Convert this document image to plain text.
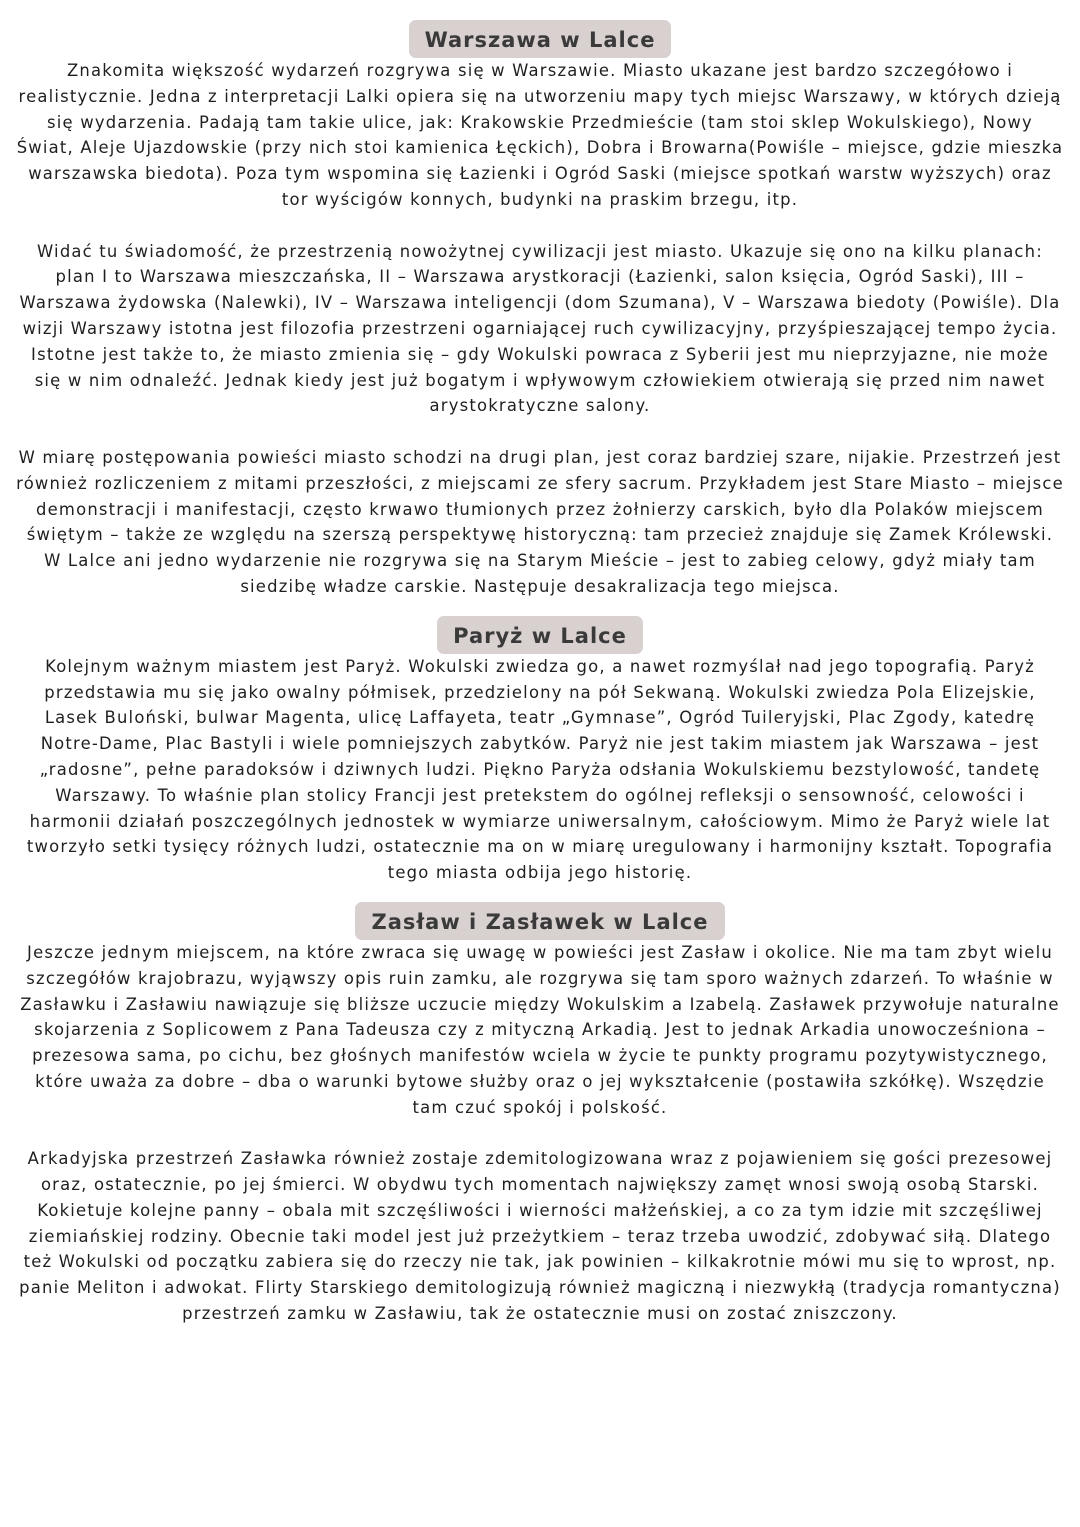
Warszawa w Lalce

Znakomita większość wydarzeń rozgrywa się w Warszawie. Miasto ukazane jest bardzo szczegółowo i realistycznie. Jedna z interpretacji Lalki opiera się na utworzeniu mapy tych miejsc Warszawy, w których dzieją się wydarzenia. Padają tam takie ulice, jak: Krakowskie Przedmieście (tam stoi sklep Wokulskiego), Nowy Świat, Aleje Ujazdowskie (przy nich stoi kamienica Łęckich), Dobra i Browarna(Powiśle – miejsce, gdzie mieszka warszawska biedota). Poza tym wspomina się Łazienki i Ogród Saski (miejsce spotkań warstw wyższych) oraz tor wyścigów konnych, budynki na praskim brzegu, itp.

Widać tu świadomość, że przestrzenią nowożytnej cywilizacji jest miasto. Ukazuje się ono na kilku planach: plan I to Warszawa mieszczańska, II – Warszawa arystkoracji (Łazienki, salon księcia, Ogród Saski), III – Warszawa żydowska (Nalewki), IV – Warszawa inteligencji (dom Szumana), V – Warszawa biedoty (Powiśle). Dla wizji Warszawy istotna jest filozofia przestrzeni ogarniającej ruch cywilizacyjny, przyśpieszającej tempo życia. Istotne jest także to, że miasto zmienia się – gdy Wokulski powraca z Syberii jest mu nieprzyjazne, nie może się w nim odnaleźć. Jednak kiedy jest już bogatym i wpływowym człowiekiem otwierają się przed nim nawet arystokratyczne salony.

W miarę postępowania powieści miasto schodzi na drugi plan, jest coraz bardziej szare, nijakie. Przestrzeń jest również rozliczeniem z mitami przeszłości, z miejscami ze sfery sacrum. Przykładem jest Stare Miasto – miejsce demonstracji i manifestacji, często krwawo tłumionych przez żołnierzy carskich, było dla Polaków miejscem świętym – także ze względu na szerszą perspektywę historyczną: tam przecież znajduje się Zamek Królewski. W Lalce ani jedno wydarzenie nie rozgrywa się na Starym Mieście – jest to zabieg celowy, gdyż miały tam siedzibę władze carskie. Następuje desakralizacja tego miejsca.

Paryż w Lalce

Kolejnym ważnym miastem jest Paryż. Wokulski zwiedza go, a nawet rozmyślał nad jego topografią. Paryż przedstawia mu się jako owalny półmisek, przedzielony na pół Sekwaną. Wokulski zwiedza Pola Elizejskie, Lasek Buloński, bulwar Magenta, ulicę Laffayeta, teatr „Gymnase”, Ogród Tuileryjski, Plac Zgody, katedrę Notre-Dame, Plac Bastyli i wiele pomniejszych zabytków. Paryż nie jest takim miastem jak Warszawa – jest „radosne”, pełne paradoksów i dziwnych ludzi. Piękno Paryża odsłania Wokulskiemu bezstylowość, tandetę Warszawy. To właśnie plan stolicy Francji jest pretekstem do ogólnej refleksji o sensowność, celowości i harmonii działań poszczególnych jednostek w wymiarze uniwersalnym, całościowym. Mimo że Paryż wiele lat tworzyło setki tysięcy różnych ludzi, ostatecznie ma on w miarę uregulowany i harmonijny kształt. Topografia tego miasta odbija jego historię.

Zasław i Zasławek w Lalce

Jeszcze jednym miejscem, na które zwraca się uwagę w powieści jest Zasław i okolice. Nie ma tam zbyt wielu szczegółów krajobrazu, wyjąwszy opis ruin zamku, ale rozgrywa się tam sporo ważnych zdarzeń. To właśnie w Zasławku i Zasławiu nawiązuje się bliższe uczucie między Wokulskim a Izabelą. Zasławek przywołuje naturalne skojarzenia z Soplicowem z Pana Tadeusza czy z mityczną Arkadią. Jest to jednak Arkadia unowocześniona – prezesowa sama, po cichu, bez głośnych manifestów wciela w życie te punkty programu pozytywistycznego, które uważa za dobre – dba o warunki bytowe służby oraz o jej wykształcenie (postawiła szkółkę). Wszędzie tam czuć spokój i polskość.

Arkadyjska przestrzeń Zasławka również zostaje zdemitologizowana wraz z pojawieniem się gości prezesowej oraz, ostatecznie, po jej śmierci. W obydwu tych momentach największy zamęt wnosi swoją osobą Starski. Kokietuje kolejne panny – obala mit szczęśliwości i wierności małżeńskiej, a co za tym idzie mit szczęśliwej ziemiańskiej rodziny. Obecnie taki model jest już przeżytkiem – teraz trzeba uwodzić, zdobywać siłą. Dlatego też Wokulski od początku zabiera się do rzeczy nie tak, jak powinien – kilkakrotnie mówi mu się to wprost, np. panie Meliton i adwokat. Flirty Starskiego demitologizują również magiczną i niezwykłą (tradycja romantyczna) przestrzeń zamku w Zasławiu, tak że ostatecznie musi on zostać zniszczony.
